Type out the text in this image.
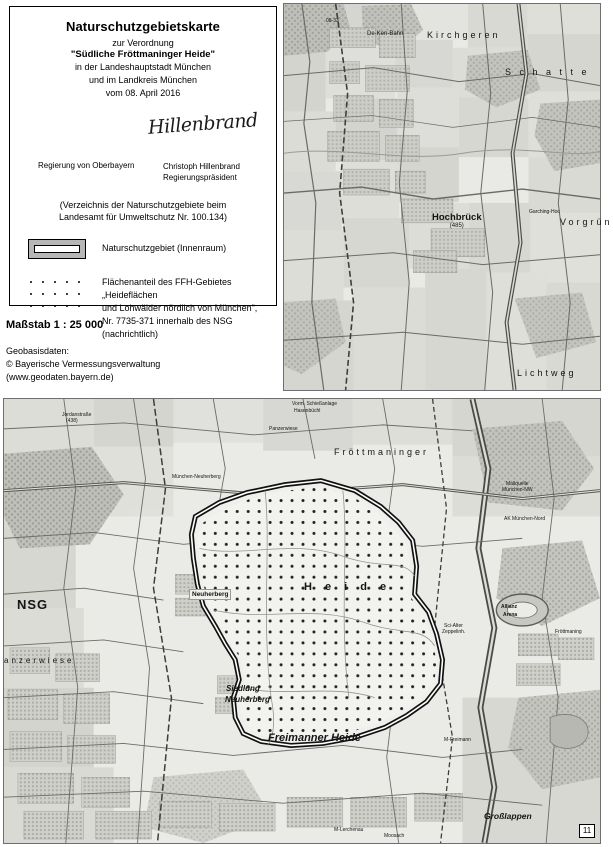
Hochbrück
(485)
Kirchgeren
De-Ken-Bahn
S c h a t t e
Vorgrün
Lichtweg
Garching-Hoc
08-33
Fröttmaninger
H e i d e
Neuherberg
Siedlung
Neuherberg
Freimanner Heide
NSG
anzerwiese
München-Neuherberg
Allianz
Arena
Großlappen
Fröttmaning
Jordanstraße
(438)
Panzerwiese
Vorm. Schießanlage
Hasenbüchl
Mallquelle
München-NW
AK München-Nord
M-Freimann
Sci-Alter
Zeppelinh.
M-Lerchenau
Moosach
11
Naturschutzgebietskarte
zur Verordnung
"Südliche Fröttmaninger Heide"
in der Landeshauptstadt München
und im Landkreis München
vom 08. April 2016
Hillenbrand
Regierung von Oberbayern	Christoph Hillenbrand
Regierungspräsident
(Verzeichnis der Naturschutzgebiete beim
Landesamt für Umweltschutz Nr. 100.134)
Naturschutzgebiet (Innenraum)
Flächenanteil des FFH-Gebietes „Heideflächen
und Lohwälder nördlich von München",
Nr. 7735-371 innerhalb des NSG (nachrichtlich)
Maßstab 1 : 25 000
Geobasisdaten:
© Bayerische Vermessungsverwaltung
(www.geodaten.bayern.de)
